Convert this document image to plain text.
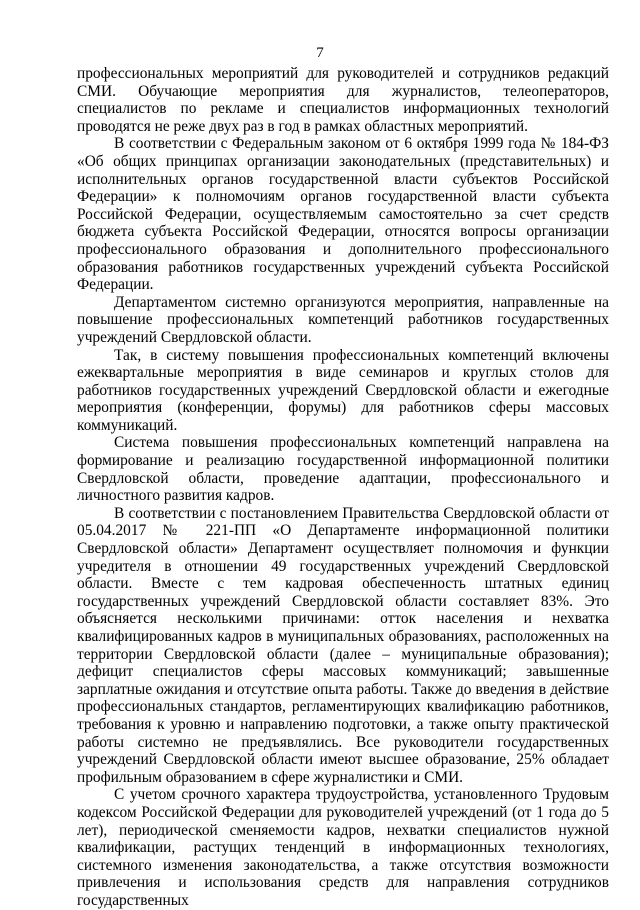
7

профессиональных мероприятий для руководителей и сотрудников редакций СМИ. Обучающие мероприятия для журналистов, телеоператоров, специалистов по рекламе и специалистов информационных технологий проводятся не реже двух раз в год в рамках областных мероприятий.

В соответствии с Федеральным законом от 6 октября 1999 года № 184-ФЗ «Об общих принципах организации законодательных (представительных) и исполнительных органов государственной власти субъектов Российской Федерации» к полномочиям органов государственной власти субъекта Российской Федерации, осуществляемым самостоятельно за счет средств бюджета субъекта Российской Федерации, относятся вопросы организации профессионального образования и дополнительного профессионального образования работников государственных учреждений субъекта Российской Федерации.

Департаментом системно организуются мероприятия, направленные на повышение профессиональных компетенций работников государственных учреждений Свердловской области.

Так, в систему повышения профессиональных компетенций включены ежеквартальные мероприятия в виде семинаров и круглых столов для работников государственных учреждений Свердловской области и ежегодные мероприятия (конференции, форумы) для работников сферы массовых коммуникаций.

Система повышения профессиональных компетенций направлена на формирование и реализацию государственной информационной политики Свердловской области, проведение адаптации, профессионального и личностного развития кадров.

В соответствии с постановлением Правительства Свердловской области от 05.04.2017 № 221-ПП «О Департаменте информационной политики Свердловской области» Департамент осуществляет полномочия и функции учредителя в отношении 49 государственных учреждений Свердловской области. Вместе с тем кадровая обеспеченность штатных единиц государственных учреждений Свердловской области составляет 83%. Это объясняется несколькими причинами: отток населения и нехватка квалифицированных кадров в муниципальных образованиях, расположенных на территории Свердловской области (далее – муниципальные образования); дефицит специалистов сферы массовых коммуникаций; завышенные зарплатные ожидания и отсутствие опыта работы. Также до введения в действие профессиональных стандартов, регламентирующих квалификацию работников, требования к уровню и направлению подготовки, а также опыту практической работы системно не предъявлялись. Все руководители государственных учреждений Свердловской области имеют высшее образование, 25% обладает профильным образованием в сфере журналистики и СМИ.

С учетом срочного характера трудоустройства, установленного Трудовым кодексом Российской Федерации для руководителей учреждений (от 1 года до 5 лет), периодической сменяемости кадров, нехватки специалистов нужной квалификации, растущих тенденций в информационных технологиях, системного изменения законодательства, а также отсутствия возможности привлечения и использования средств для направления сотрудников государственных
